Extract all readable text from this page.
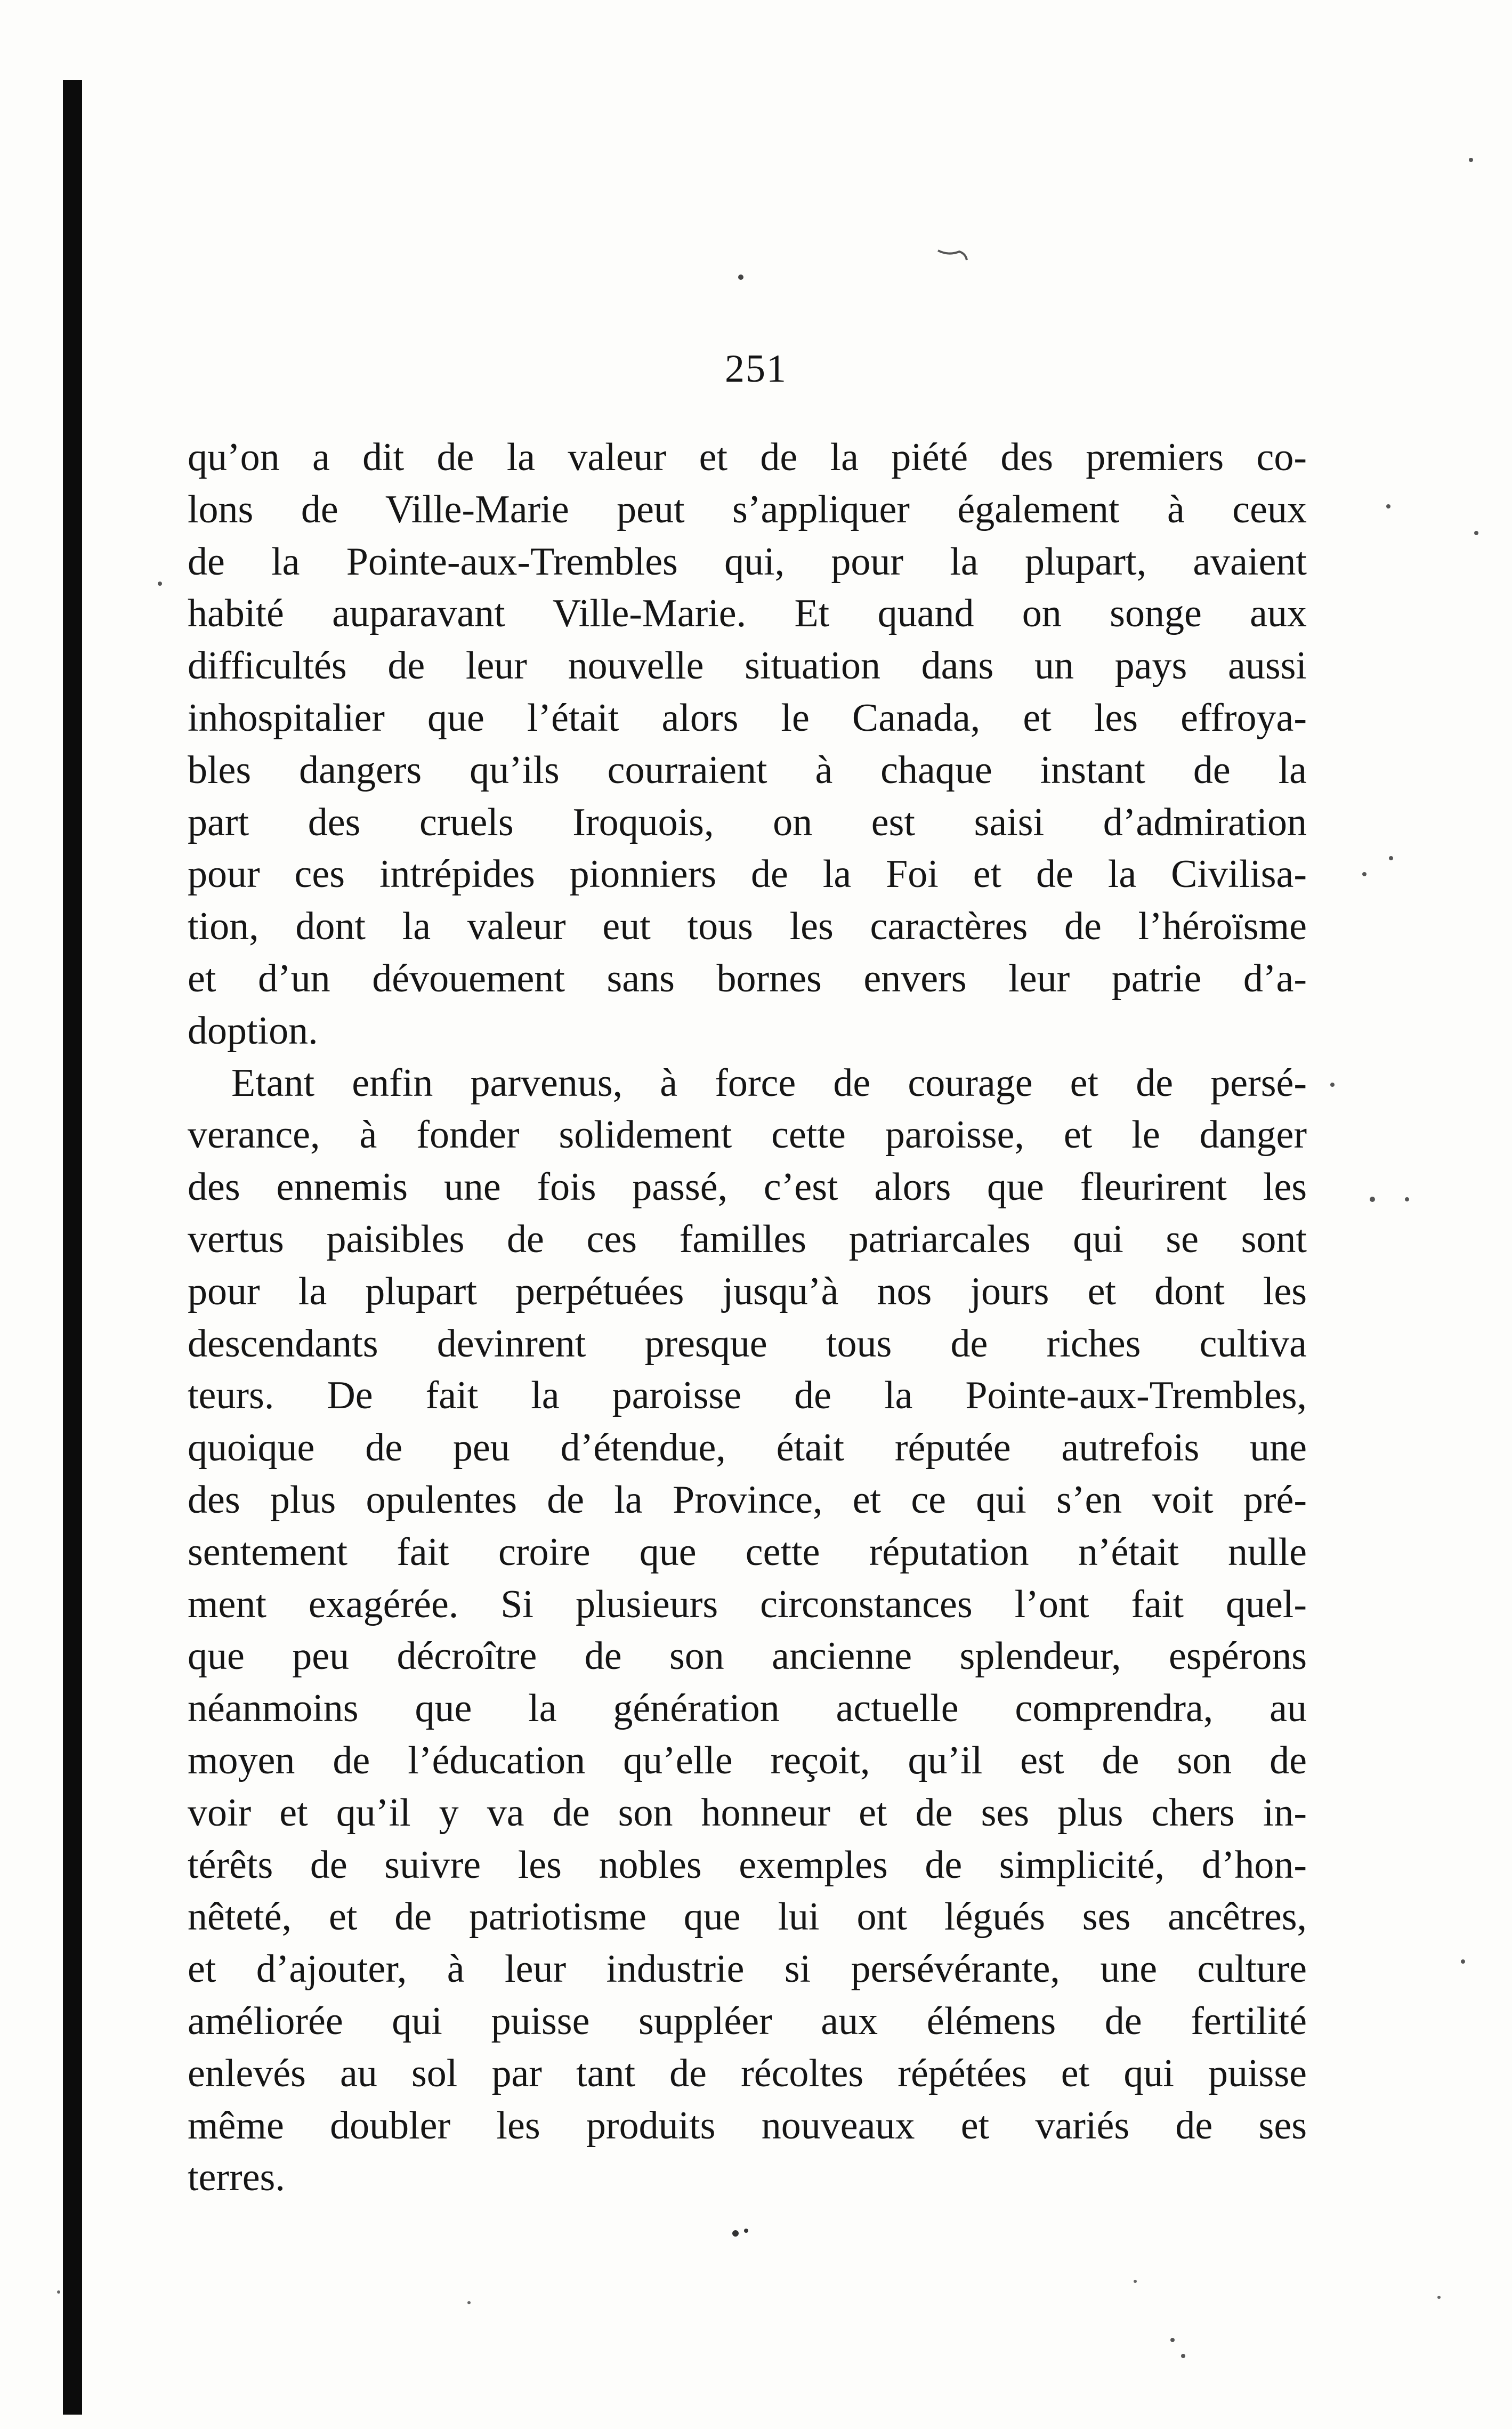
251
qu’on a dit de la valeur et de la piété des premiers co-
lons de Ville-Marie peut s’appliquer également à ceux
de la Pointe-aux-Trembles qui, pour la plupart, avaient
habité auparavant Ville-Marie. Et quand on songe aux
difficultés de leur nouvelle situation dans un pays aussi
inhospitalier que l’était alors le Canada, et les effroya-
bles dangers qu’ils courraient à chaque instant de la
part des cruels Iroquois, on est saisi d’admiration
pour ces intrépides pionniers de la Foi et de la Civilisa-
tion, dont la valeur eut tous les caractères de l’héroïsme
et d’un dévouement sans bornes envers leur patrie d’a-
doption.
Etant enfin parvenus, à force de courage et de persé-
verance, à fonder solidement cette paroisse, et le danger
des ennemis une fois passé, c’est alors que fleurirent les
vertus paisibles de ces familles patriarcales qui se sont
pour la plupart perpétuées jusqu’à nos jours et dont les
descendants devinrent presque tous de riches cultiva
teurs. De fait la paroisse de la Pointe-aux-Trembles,
quoique de peu d’étendue, était réputée autrefois une
des plus opulentes de la Province, et ce qui s’en voit pré-
sentement fait croire que cette réputation n’était nulle
ment exagérée. Si plusieurs circonstances l’ont fait quel-
que peu décroître de son ancienne splendeur, espérons
néanmoins que la génération actuelle comprendra, au
moyen de l’éducation qu’elle reçoit, qu’il est de son de
voir et qu’il y va de son honneur et de ses plus chers in-
térêts de suivre les nobles exemples de simplicité, d’hon-
nêteté, et de patriotisme que lui ont légués ses ancêtres,
et d’ajouter, à leur industrie si persévérante, une culture
améliorée qui puisse suppléer aux élémens de fertilité
enlevés au sol par tant de récoltes répétées et qui puisse
même doubler les produits nouveaux et variés de ses
terres.
